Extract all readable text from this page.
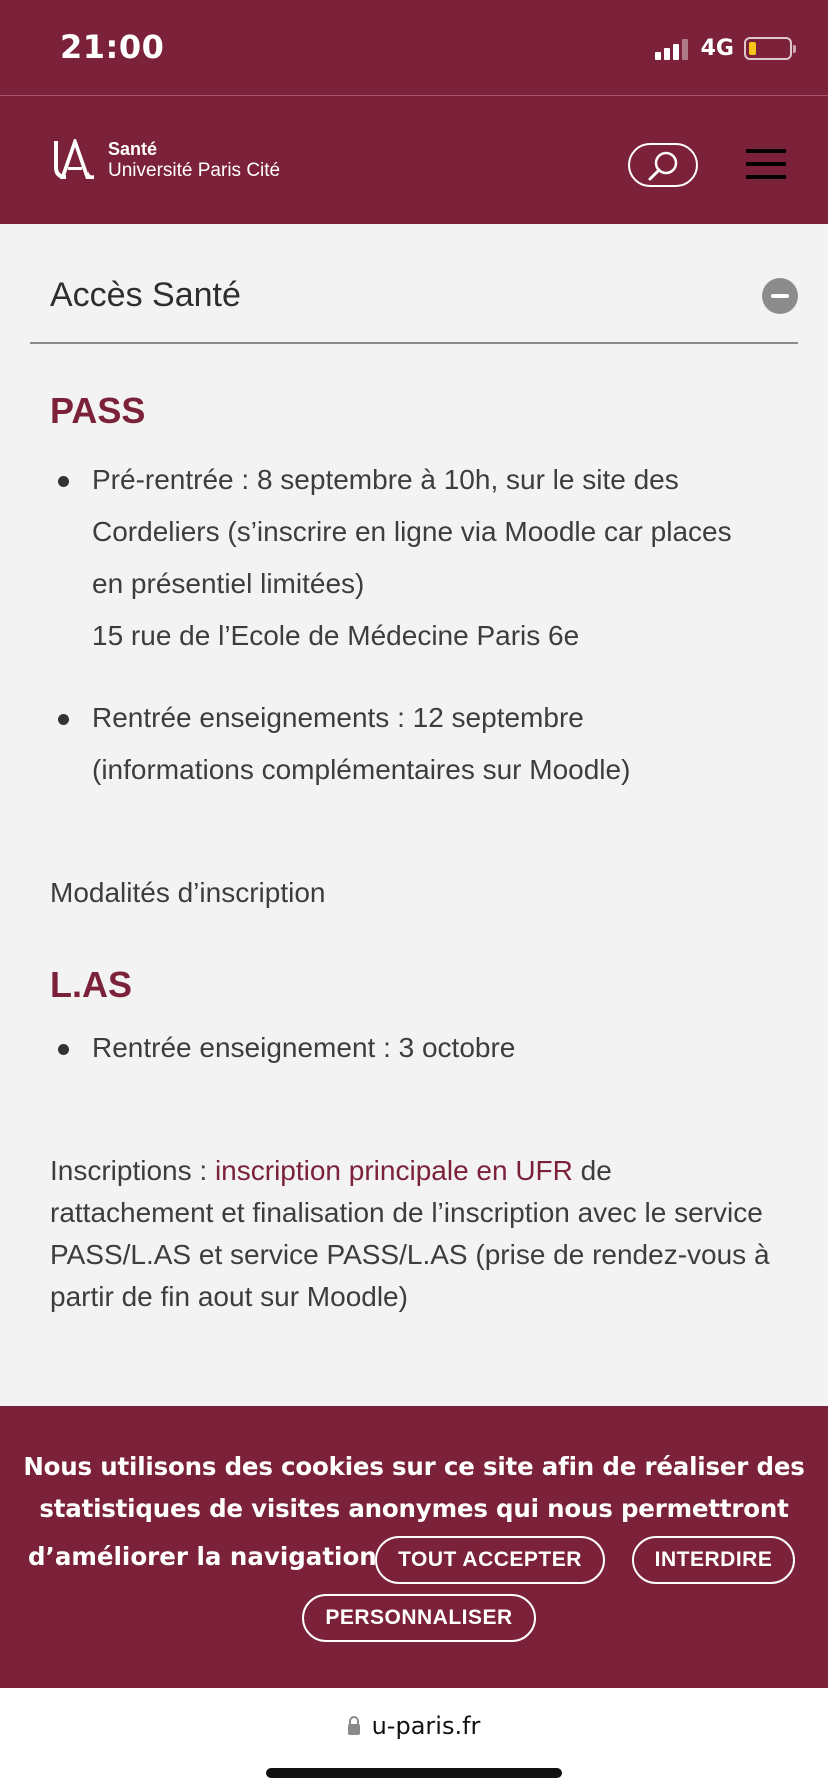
21:00	4G
Santé
Université Paris Cité
Accès Santé
PASS
Pré-rentrée : 8 septembre à 10h, sur le site des
Cordeliers (s’inscrire en ligne via Moodle car places
en présentiel limitées)
15 rue de l’Ecole de Médecine Paris 6e
Rentrée enseignements : 12 septembre
(informations complémentaires sur Moodle)
Modalités d’inscription
L.AS
Rentrée enseignement : 3 octobre

Inscriptions : inscription principale en UFR de rattachement et finalisation de l’inscription avec le service PASS/L.AS et service PASS/L.AS (prise de rendez-vous à partir de fin aout sur Moodle)

Nous utilisons des cookies sur ce site afin de réaliser des
statistiques de visites anonymes qui nous permettront
d’améliorer la navigation	TOUT ACCEPTER	INTERDIRE
PERSONNALISER
u-paris.fr
